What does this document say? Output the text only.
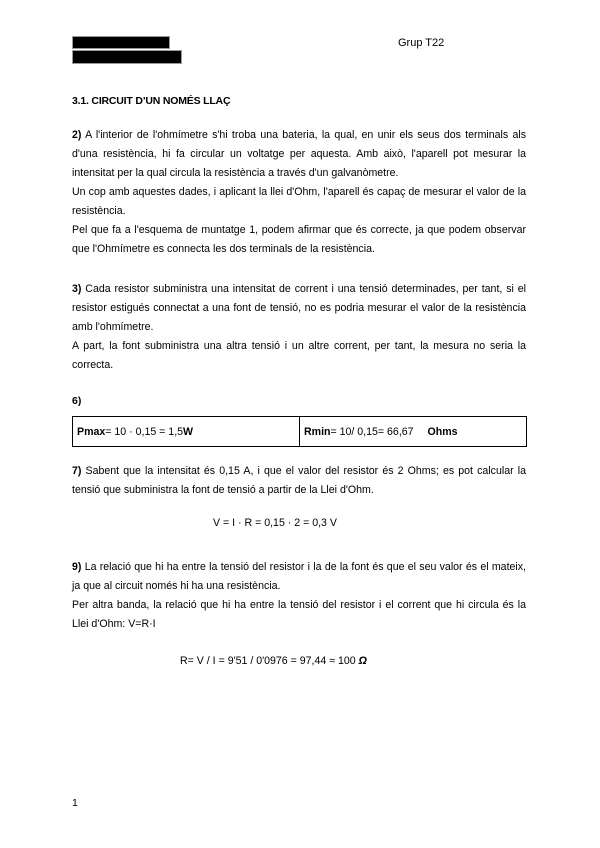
Grup T22
3.1. CIRCUIT D’UN NOMÉS LLAÇ

2) A l'interior de l'ohmímetre s'hi troba una bateria, la qual, en unir els seus dos terminals als d'una resistència, hi fa circular un voltatge per aquesta. Amb això, l'aparell pot mesurar la intensitat per la qual circula la resistència a través d'un galvanòmetre.

Un cop amb aquestes dades, i aplicant la llei d'Ohm, l'aparell és capaç de mesurar el valor de la resistència.

Pel que fa a l'esquema de muntatge 1, podem afirmar que és correcte, ja que podem observar que l'Ohmímetre es connecta les dos terminals de la resistència.

3) Cada resistor subministra una intensitat de corrent i una tensió determinades, per tant, si el resistor estigués connectat a una font de tensió, no es podria mesurar el valor de la resistència amb l'ohmímetre.

A part, la font subministra una altra tensió i un altre corrent, per tant, la mesura no seria la correcta.

6)
Pmax = 10 · 0,15 = 1,5 W	Rmin = 10/ 0,15= 66,67 Ohms

7) Sabent que la intensitat és 0,15 A, i que el valor del resistor és 2 Ohms; es pot calcular la tensió que subministra la font de tensió a partir de la Llei d'Ohm.

V = I · R = 0,15 · 2 = 0,3 V

9) La relació que hi ha entre la tensió del resistor i la de la font és que el seu valor és el mateix, ja que al circuit només hi ha una resistència.

Per altra banda, la relació que hi ha entre la tensió del resistor i el corrent que hi circula és la Llei d'Ohm: V=R·I

R= V / I = 9'51 / 0'0976 = 97,44 ≈ 100 Ω
1
